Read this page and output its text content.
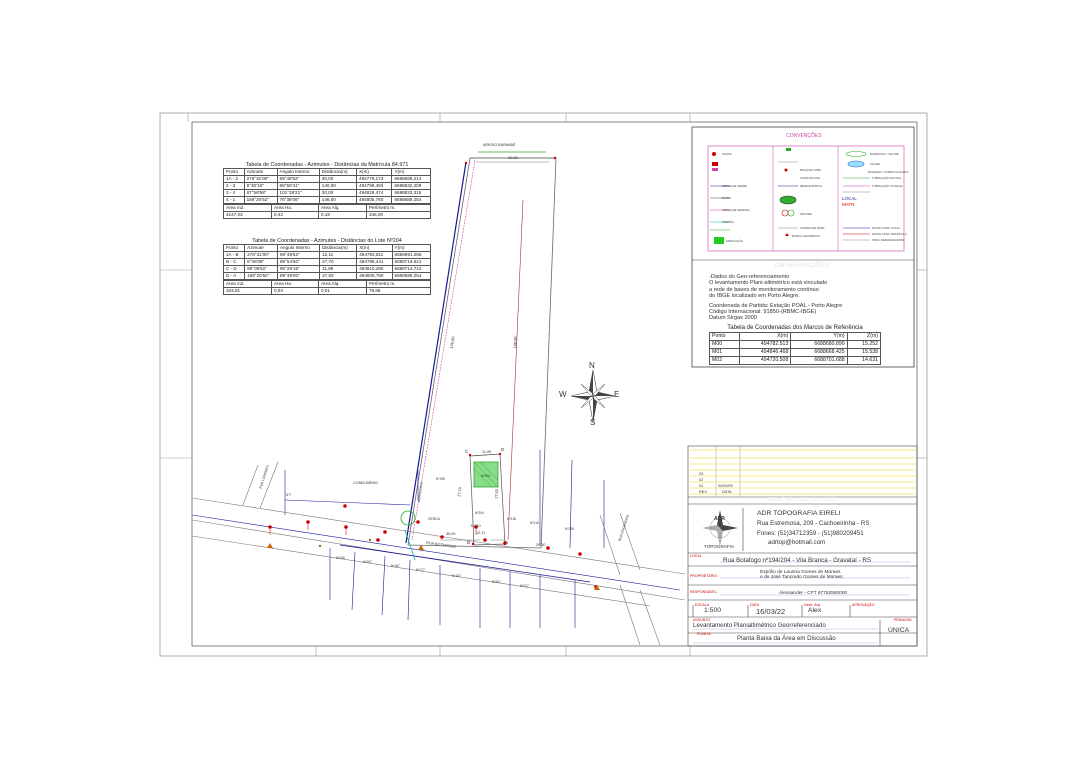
N
S
E
W
ARROIO BARNABÉ
30,00
146,00	140,00
11,99
27,70	27,83
30,00	12,11
29,30
C	D
B	A
Nº204
RUA BOTAFOGO
RUA LONDRES
RUA DOURADOS
CONDOMÍNIO
CERCA
MURO
MURO/CERCA
Nº7
Nº198
Nº204
Nº218
Nº218
Nº226
Nº149
Nº157
Nº167
Nº177
Nº187
Nº207
Nº217
Tabela de Coordenadas - Azimutes - Distâncias da Matrícula 84.971
Ponto	Azimute	Angulo Interno	Distância(m)	X(m)	Y(m)
1A - 2	279°31'00"	89°49'52"	30,00	494776,173	6688689,214
2 - 3	9°30'19"	89°50'41"	140,00	494799,493	6688832,209
3 - 4	87°58'58"	101°36'21"	30,00	494829,474	6688833,315
4 - 1	189°20'52"	78°38'06"	146,00	494805,760	6688689,254
Area m2.	Area Ha.	Area Alq.	Perímetro m.
4247,03	0,42	0,18	346,00
Tabela de Coordenadas - Azimutes - Distâncias do Lote Nº204
Ponto	Azimute	Angulo Interno	Distância(m)	X(m)	Y(m)
1A - B	279°31'00"	89°49'52"	12,11	494783,811	6688691,258
B - C	8°36'08"	89°54'50"	27,70	494788,441	6688719,621
C - D	99°09'52"	90°28'16"	11,99	494810,280	6688714,712
D - A	189°20'52"	89°49'00"	27,83	494805,760	6688689,254
Area m2.	Area Ha.	Area Alq.	Perímetro m.
334,81	0,03	0,01	79,68
CONVENÇÕES
MURO
CERCA DE ARAME
CERCA DE MADEIRA
PORTÃO
POSTE
ÁRVORE
EDIFICAÇÃO
CURVAS DE NÍVEL
BOCA DE LOBO
CAIXA PLUVIAL
REDE ELÉTRICA
MARCO GEODÉSICO
DIVISA CONF. LOCAL
DIVISA CONF. MATRÍCULA
PROJ. REMANESCENTE
BARRANCO / TALUDE
AÇUDE
BANHADO / CAMPO ALAGADO
TUBULAÇÃO PLUVIAL
TUBULAÇÃO CLOACAL
LOCAL
MATR.
OBSERVAÇÕES
-Dados do Geo-referenciamento
O levantamento Plani-altimétrico está vinculado
a rede de bases de monitoramento contínuo
do IBGE localizado em Porto Alegre.
Coordenada de Partida: Estação POAL - Porto Alegre
Código Internacional: 91850-(RBMC-IBGE)
Datum Sirgas 2000
Tabela de Coordenadas dos Marcos de Referência
Ponto	X(m)	Y(m)	Z(m)
M00	494782.513	6688680.890	15.252
M01	494846.468	6688668.425	15.538
M02	494720.508	6688701.688	14.631
03
02
01
REV.
00/00/00
DATA
RELATÓRIO DE REVISÕES
ADR
TOPOGRAFIA
ADR TOPOGRAFIA EIRELI
Rua Estremosa, 209 - Cachoeirinha - RS
Fones: (51)34712359 - (51)980209451
adrtop@hotmail.com
LOCAL
Rua Botafogo nº194/204 - Vila Branca - Gravataí - RS
PROPRIETÁRIO
Espólio de Laurina Gomes de Moraes
e de José Tancredo Gomes de Moraes
RESPONSÁVEL	Alexsander - CFT 67752550000
ESCALA
1:500
DATA
16/03/22
Dese. Arq.
Alex
APROVAÇÃO
ASSUNTO
Levantamento Planialtimétrico Georreferenciado
PRANCHA
ÚNICA
PLANTA
Planta Baixa da Área em Discussão
